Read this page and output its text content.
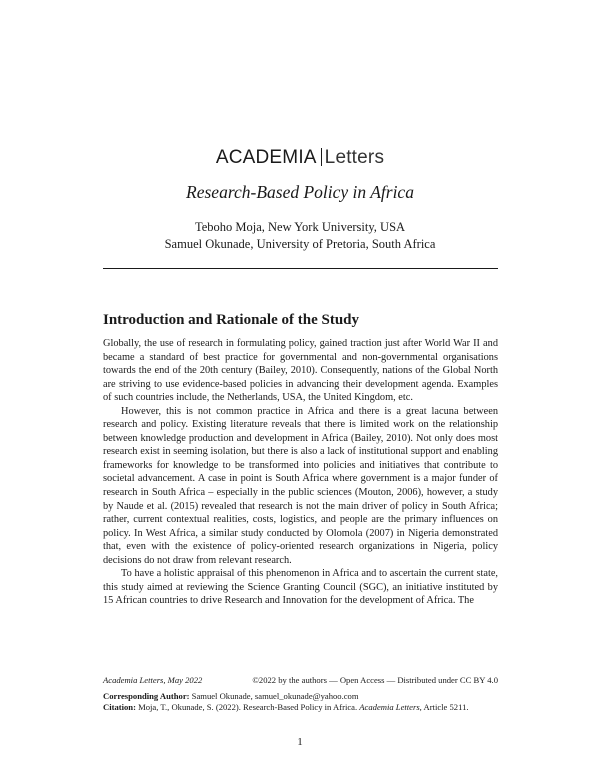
ACADEMIA Letters
Research-Based Policy in Africa
Teboho Moja, New York University, USA
Samuel Okunade, University of Pretoria, South Africa
Introduction and Rationale of the Study

Globally, the use of research in formulating policy, gained traction just after World War II and became a standard of best practice for governmental and non-governmental organisations towards the end of the 20th century (Bailey, 2010). Consequently, nations of the Global North are striving to use evidence-based policies in advancing their development agenda. Examples of such countries include, the Netherlands, USA, the United Kingdom, etc.

However, this is not common practice in Africa and there is a great lacuna between research and policy. Existing literature reveals that there is limited work on the relationship between knowledge production and development in Africa (Bailey, 2010). Not only does most research exist in seeming isolation, but there is also a lack of institutional support and enabling frameworks for knowledge to be transformed into policies and initiatives that contribute to societal advancement. A case in point is South Africa where government is a major funder of research in South Africa – especially in the public sciences (Mouton, 2006), however, a study by Naude et al. (2015) revealed that research is not the main driver of policy in South Africa; rather, current contextual realities, costs, logistics, and people are the primary influences on policy. In West Africa, a similar study conducted by Olomola (2007) in Nigeria demonstrated that, even with the existence of policy-oriented research organizations in Nigeria, policy decisions do not draw from relevant research.

To have a holistic appraisal of this phenomenon in Africa and to ascertain the current state, this study aimed at reviewing the Science Granting Council (SGC), an initiative instituted by 15 African countries to drive Research and Innovation for the development of Africa. The

Academia Letters, May 2022	©2022 by the authors — Open Access — Distributed under CC BY 4.0
Corresponding Author: Samuel Okunade, samuel_okunade@yahoo.com
Citation: Moja, T., Okunade, S. (2022). Research-Based Policy in Africa. Academia Letters, Article 5211.
1
